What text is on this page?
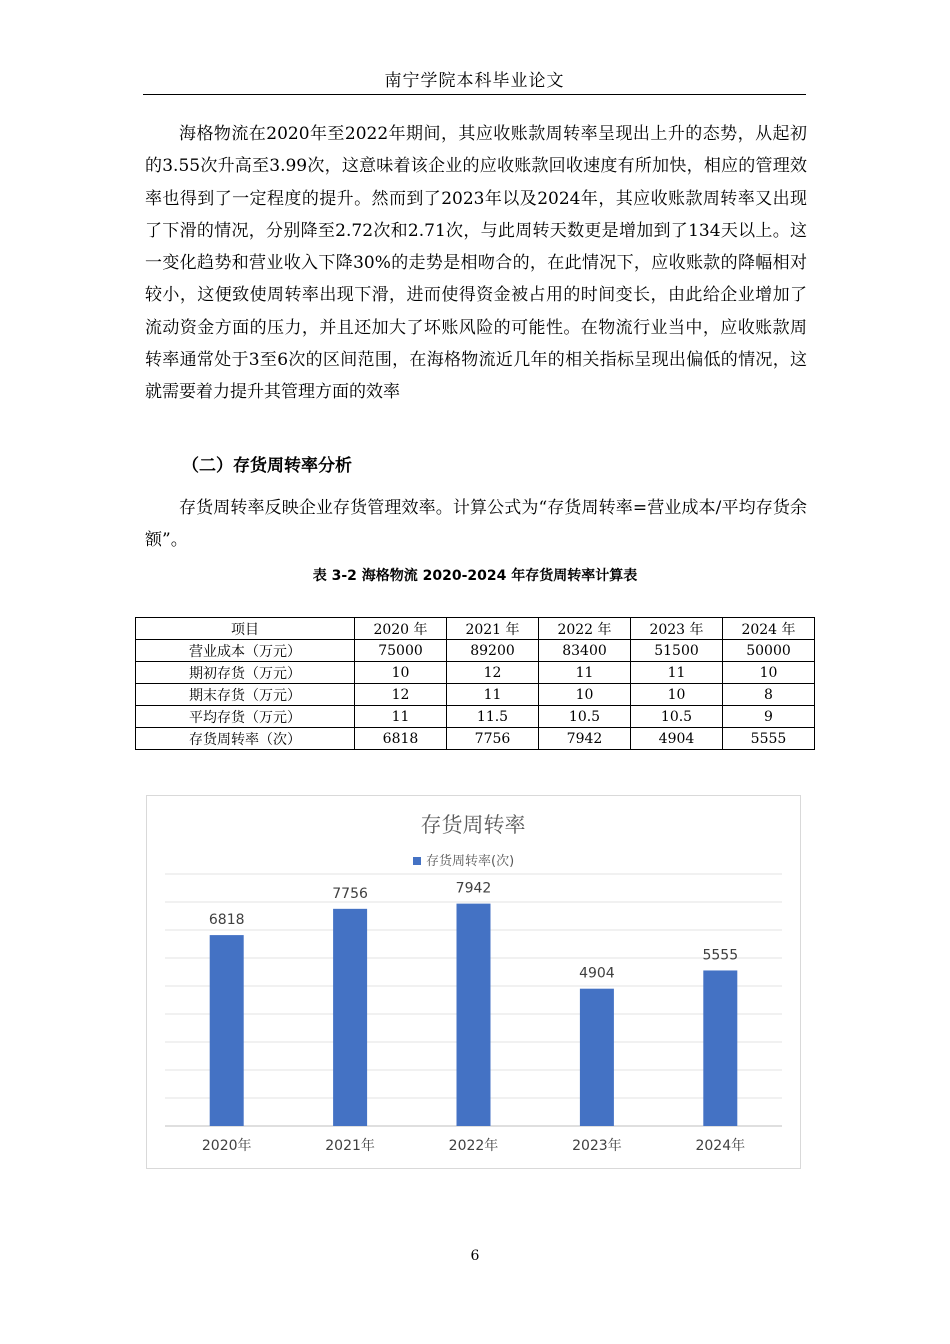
南宁学院本科毕业论文

海格物流在2020年至2022年期间，其应收账款周转率呈现出上升的态势，从起初的3.55次升高至3.99次，这意味着该企业的应收账款回收速度有所加快，相应的管理效率也得到了一定程度的提升。然而到了2023年以及2024年，其应收账款周转率又出现了下滑的情况，分别降至2.72次和2.71次，与此周转天数更是增加到了134天以上。这一变化趋势和营业收入下降30%的走势是相吻合的，在此情况下，应收账款的降幅相对较小，这便致使周转率出现下滑，进而使得资金被占用的时间变长，由此给企业增加了流动资金方面的压力，并且还加大了坏账风险的可能性。在物流行业当中，应收账款周转率通常处于3至6次的区间范围，在海格物流近几年的相关指标呈现出偏低的情况，这就需要着力提升其管理方面的效率

（二）存货周转率分析

存货周转率反映企业存货管理效率。计算公式为“存货周转率=营业成本/平均存货余额”。

表 3-2 海格物流 2020-2024 年存货周转率计算表
项目	2020 年	2021 年	2022 年	2023 年	2024 年
营业成本（万元）	75000	89200	83400	51500	50000
期初存货（万元）	10	12	11	11	10
期末存货（万元）	12	11	10	10	8
平均存货（万元）	11	11.5	10.5	10.5	9
存货周转率（次）	6818	7756	7942	4904	5555
存货周转率
存货周转率(次)
6818
7756	7942
4904
5555
2020年	2021年	2022年	2023年	2024年
6
